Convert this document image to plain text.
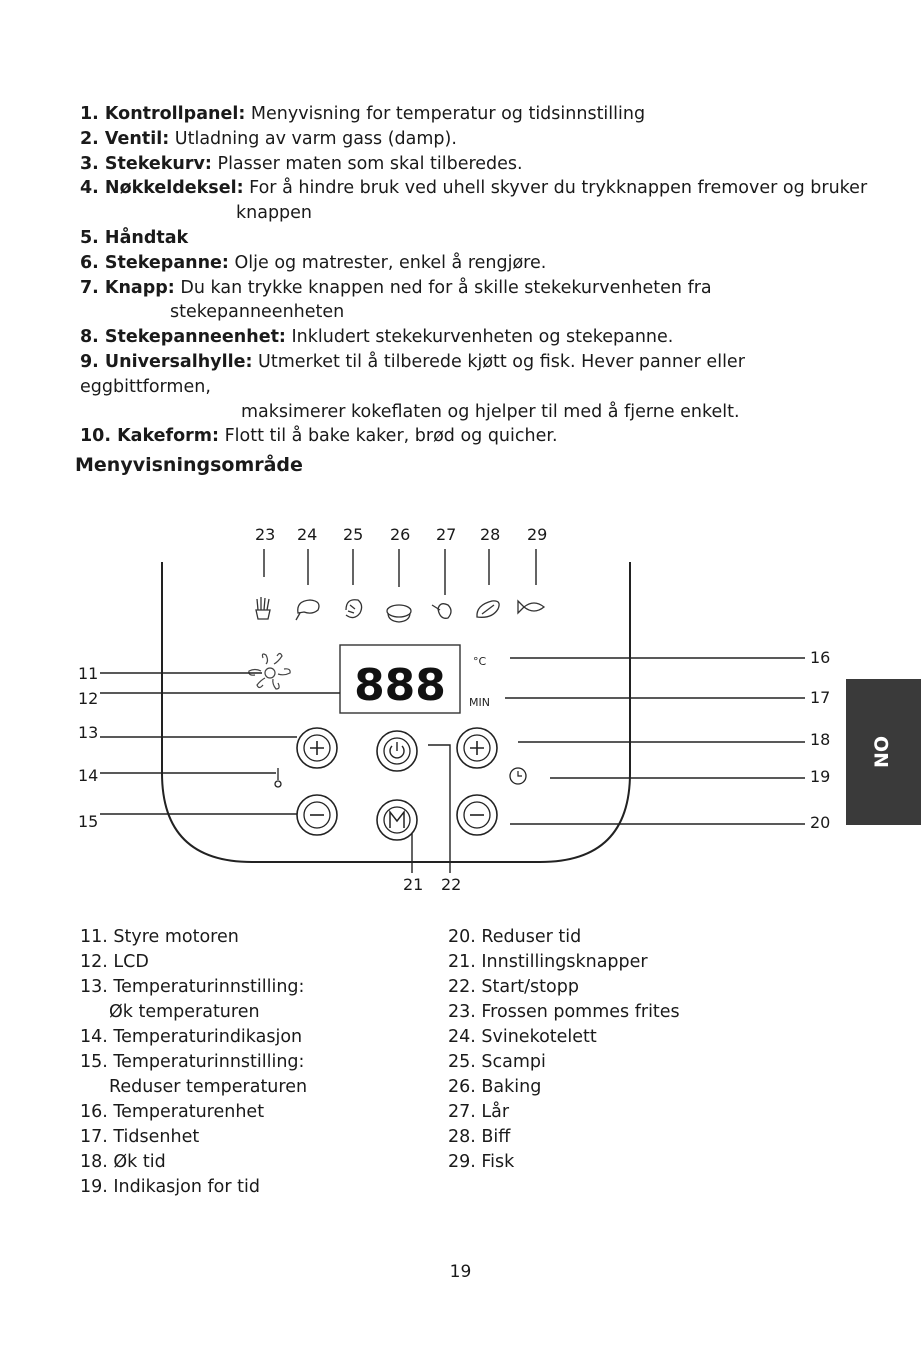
1. Kontrollpanel: Menyvisning for temperatur og tidsinnstilling

2. Ventil: Utladning av varm gass (damp).

3. Stekekurv: Plasser maten som skal tilberedes.

4. Nøkkeldeksel: For å hindre bruk ved uhell skyver du trykknappen fremover og bruker
knappen

5. Håndtak

6. Stekepanne: Olje og matrester, enkel å rengjøre.

7. Knapp: Du kan trykke knappen ned for å skille stekekurvenheten fra
stekepanneenheten

8. Stekepanneenhet: Inkludert stekekurvenheten og stekepanne.

9. Universalhylle: Utmerket til å tilberede kjøtt og fisk. Hever panner eller eggbittformen,
maksimerer kokeflaten og hjelper til med å fjerne enkelt.

10. Kakeform: Flott til å bake kaker, brød og quicher.

Menyvisningsområde
NO
23 24 25 26 27 28 29
888 °C
MIN
11
12
13
14
15
16
17
18
19
20
21 22
11. Styre motoren
12. LCD
13. Temperaturinnstilling:
Øk temperaturen
14. Temperaturindikasjon
15. Temperaturinnstilling:
Reduser temperaturen
16. Temperaturenhet
17. Tidsenhet
18. Øk tid
19. Indikasjon for tid
20. Reduser tid
21. Innstillingsknapper
22. Start/stopp
23. Frossen pommes frites
24. Svinekotelett
25. Scampi
26. Baking
27. Lår
28. Biff
29. Fisk
19
